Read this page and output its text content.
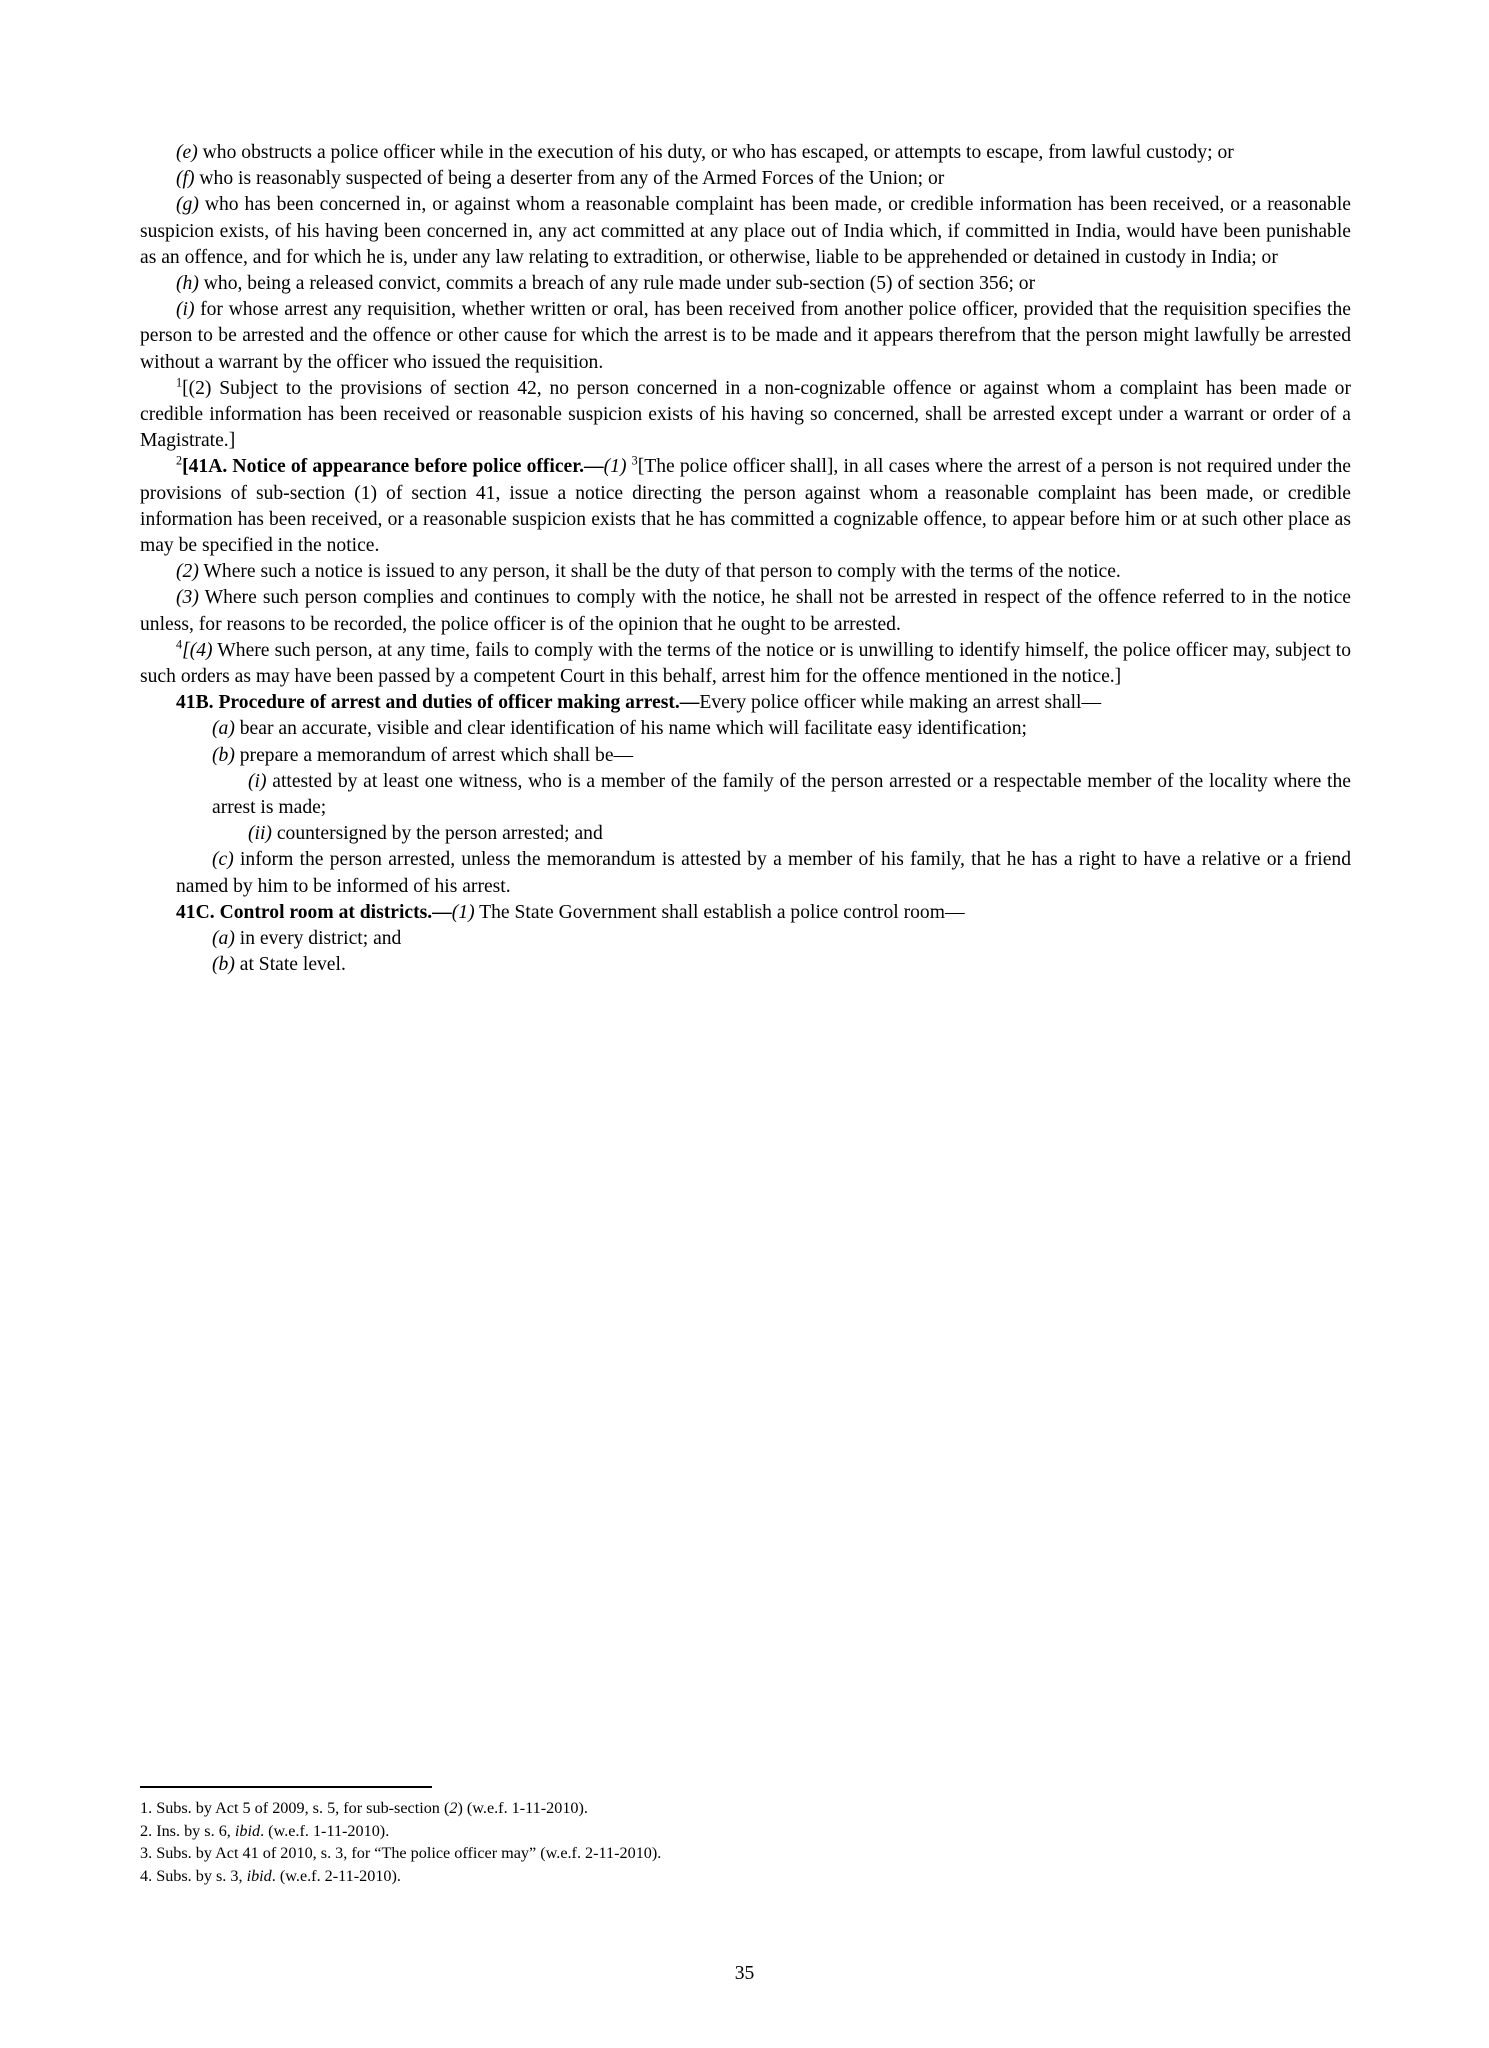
(e) who obstructs a police officer while in the execution of his duty, or who has escaped, or attempts to escape, from lawful custody; or

(f) who is reasonably suspected of being a deserter from any of the Armed Forces of the Union; or

(g) who has been concerned in, or against whom a reasonable complaint has been made, or credible information has been received, or a reasonable suspicion exists, of his having been concerned in, any act committed at any place out of India which, if committed in India, would have been punishable as an offence, and for which he is, under any law relating to extradition, or otherwise, liable to be apprehended or detained in custody in India; or

(h) who, being a released convict, commits a breach of any rule made under sub-section (5) of section 356; or

(i) for whose arrest any requisition, whether written or oral, has been received from another police officer, provided that the requisition specifies the person to be arrested and the offence or other cause for which the arrest is to be made and it appears therefrom that the person might lawfully be arrested without a warrant by the officer who issued the requisition.

$^1$[(2) Subject to the provisions of section 42, no person concerned in a non-cognizable offence or against whom a complaint has been made or credible information has been received or reasonable suspicion exists of his having so concerned, shall be arrested except under a warrant or order of a Magistrate.]

$^2$[41A. Notice of appearance before police officer.—(1) $^3$[The police officer shall], in all cases where the arrest of a person is not required under the provisions of sub-section (1) of section 41, issue a notice directing the person against whom a reasonable complaint has been made, or credible information has been received, or a reasonable suspicion exists that he has committed a cognizable offence, to appear before him or at such other place as may be specified in the notice.

(2) Where such a notice is issued to any person, it shall be the duty of that person to comply with the terms of the notice.

(3) Where such person complies and continues to comply with the notice, he shall not be arrested in respect of the offence referred to in the notice unless, for reasons to be recorded, the police officer is of the opinion that he ought to be arrested.

$^4$[(4) Where such person, at any time, fails to comply with the terms of the notice or is unwilling to identify himself, the police officer may, subject to such orders as may have been passed by a competent Court in this behalf, arrest him for the offence mentioned in the notice.]

41B. Procedure of arrest and duties of officer making arrest.—Every police officer while making an arrest shall—

(a) bear an accurate, visible and clear identification of his name which will facilitate easy identification;

(b) prepare a memorandum of arrest which shall be—

(i) attested by at least one witness, who is a member of the family of the person arrested or a respectable member of the locality where the arrest is made;

(ii) countersigned by the person arrested; and

(c) inform the person arrested, unless the memorandum is attested by a member of his family, that he has a right to have a relative or a friend named by him to be informed of his arrest.

41C. Control room at districts.—(1) The State Government shall establish a police control room—

(a) in every district; and

(b) at State level.

1. Subs. by Act 5 of 2009, s. 5, for sub-section (2) (w.e.f. 1-11-2010).

2. Ins. by s. 6, ibid. (w.e.f. 1-11-2010).

3. Subs. by Act 41 of 2010, s. 3, for “The police officer may” (w.e.f. 2-11-2010).

4. Subs. by s. 3, ibid. (w.e.f. 2-11-2010).

35
